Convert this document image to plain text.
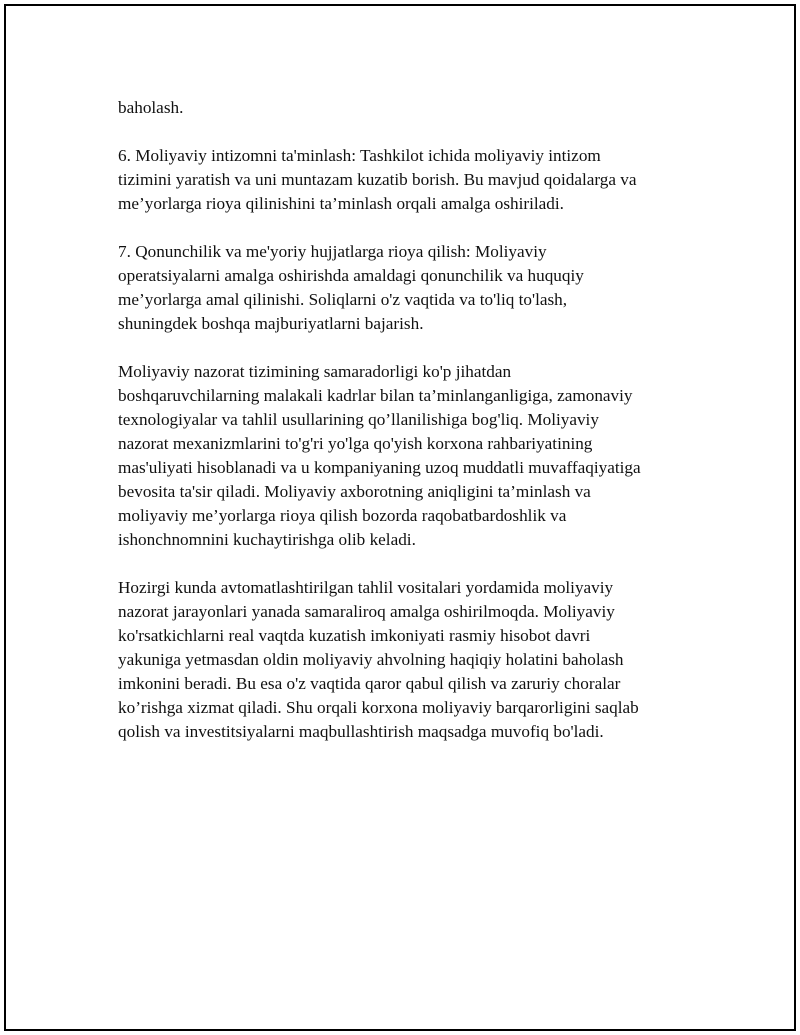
baholash.

6. Moliyaviy intizomni ta'minlash: Tashkilot ichida moliyaviy intizom
tizimini yaratish va uni muntazam kuzatib borish. Bu mavjud qoidalarga va
me’yorlarga rioya qilinishini ta’minlash orqali amalga oshiriladi.

7. Qonunchilik va me'yoriy hujjatlarga rioya qilish: Moliyaviy
operatsiyalarni amalga oshirishda amaldagi qonunchilik va huquqiy
me’yorlarga amal qilinishi. Soliqlarni o'z vaqtida va to'liq to'lash,
shuningdek boshqa majburiyatlarni bajarish.

Moliyaviy nazorat tizimining samaradorligi ko'p jihatdan
boshqaruvchilarning malakali kadrlar bilan ta’minlanganligiga, zamonaviy
texnologiyalar va tahlil usullarining qo’llanilishiga bog'liq. Moliyaviy
nazorat mexanizmlarini to'g'ri yo'lga qo'yish korxona rahbariyatining
mas'uliyati hisoblanadi va u kompaniyaning uzoq muddatli muvaffaqiyatiga
bevosita ta'sir qiladi. Moliyaviy axborotning aniqligini ta’minlash va
moliyaviy me’yorlarga rioya qilish bozorda raqobatbardoshlik va
ishonchnomnini kuchaytirishga olib keladi.

Hozirgi kunda avtomatlashtirilgan tahlil vositalari yordamida moliyaviy
nazorat jarayonlari yanada samaraliroq amalga oshirilmoqda. Moliyaviy
ko'rsatkichlarni real vaqtda kuzatish imkoniyati rasmiy hisobot davri
yakuniga yetmasdan oldin moliyaviy ahvolning haqiqiy holatini baholash
imkonini beradi. Bu esa o'z vaqtida qaror qabul qilish va zaruriy choralar
ko’rishga xizmat qiladi. Shu orqali korxona moliyaviy barqarorligini saqlab
qolish va investitsiyalarni maqbullashtirish maqsadga muvofiq bo'ladi.
